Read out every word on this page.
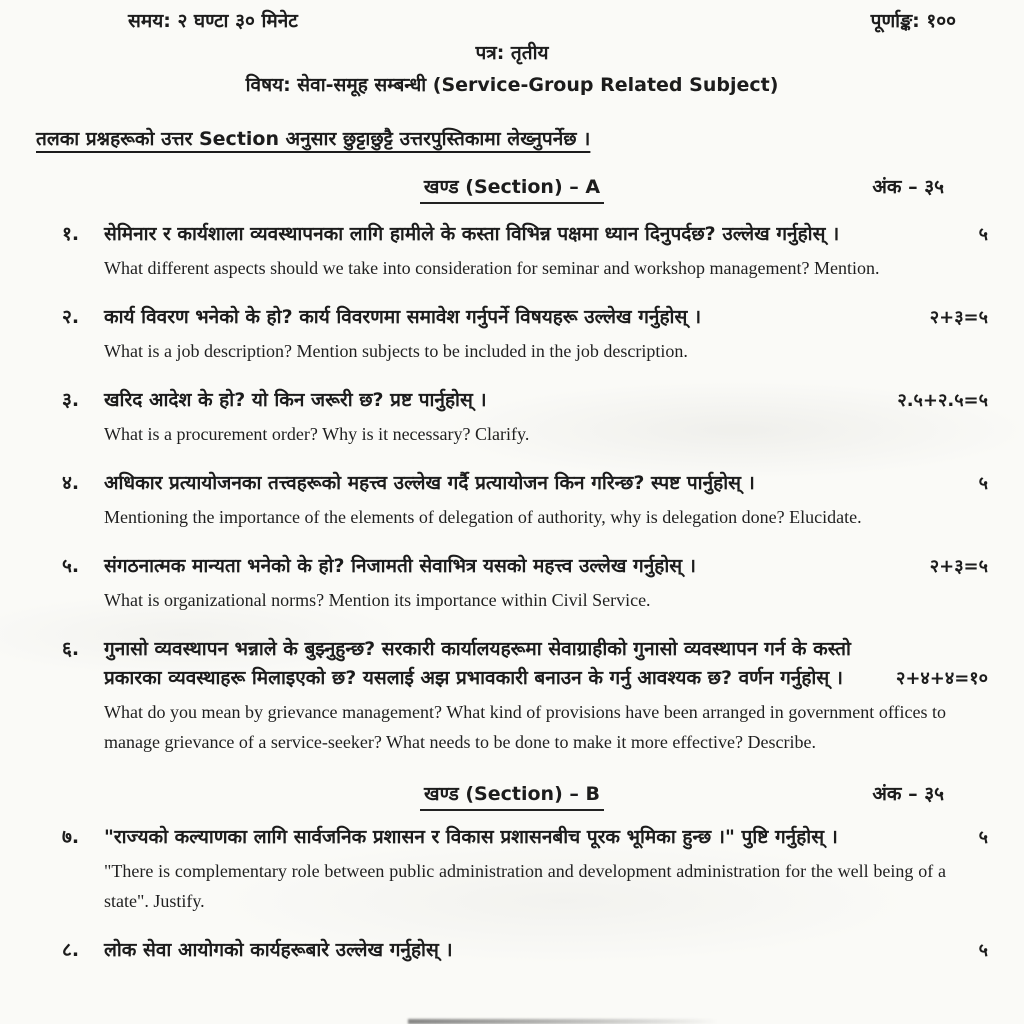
समय: २ घण्टा ३० मिनेट	पूर्णाङ्क: १००
पत्र: तृतीय
विषय: सेवा-समूह सम्बन्धी (Service-Group Related Subject)
तलका प्रश्नहरूको उत्तर Section अनुसार छुट्टाछुट्टै उत्तरपुस्तिकामा लेख्नुपर्नेछ ।
खण्ड (Section) – A	अंक – ३५
१.	सेमिनार र कार्यशाला व्यवस्थापनका लागि हामीले के कस्ता विभिन्न पक्षमा ध्यान दिनुपर्दछ? उल्लेख गर्नुहोस् ।	५
What different aspects should we take into consideration for seminar and workshop management? Mention.
२.	कार्य विवरण भनेको के हो? कार्य विवरणमा समावेश गर्नुपर्ने विषयहरू उल्लेख गर्नुहोस् ।	२+३=५
What is a job description? Mention subjects to be included in the job description.
३.	खरिद आदेश के हो? यो किन जरूरी छ? प्रष्ट पार्नुहोस् ।	२.५+२.५=५
What is a procurement order? Why is it necessary? Clarify.
४.	अधिकार प्रत्यायोजनका तत्त्वहरूको महत्त्व उल्लेख गर्दै प्रत्यायोजन किन गरिन्छ? स्पष्ट पार्नुहोस् ।	५
Mentioning the importance of the elements of delegation of authority, why is delegation done? Elucidate.
५.	संगठनात्मक मान्यता भनेको के हो? निजामती सेवाभित्र यसको महत्त्व उल्लेख गर्नुहोस् ।	२+३=५
What is organizational norms? Mention its importance within Civil Service.
६.	गुनासो व्यवस्थापन भन्नाले के बुझ्नुहुन्छ? सरकारी कार्यालयहरूमा सेवाग्राहीको गुनासो व्यवस्थापन गर्न के कस्तो प्रकारका व्यवस्थाहरू मिलाइएको छ? यसलाई अझ प्रभावकारी बनाउन के गर्नु आवश्यक छ? वर्णन गर्नुहोस् ।	२+४+४=१०
What do you mean by grievance management? What kind of provisions have been arranged in government offices to manage grievance of a service-seeker? What needs to be done to make it more effective? Describe.
खण्ड (Section) – B	अंक – ३५
७.	"राज्यको कल्याणका लागि सार्वजनिक प्रशासन र विकास प्रशासनबीच पूरक भूमिका हुन्छ ।" पुष्टि गर्नुहोस् ।	५
"There is complementary role between public administration and development administration for the well being of a state". Justify.
८.	लोक सेवा आयोगको कार्यहरूबारे उल्लेख गर्नुहोस् ।	५
